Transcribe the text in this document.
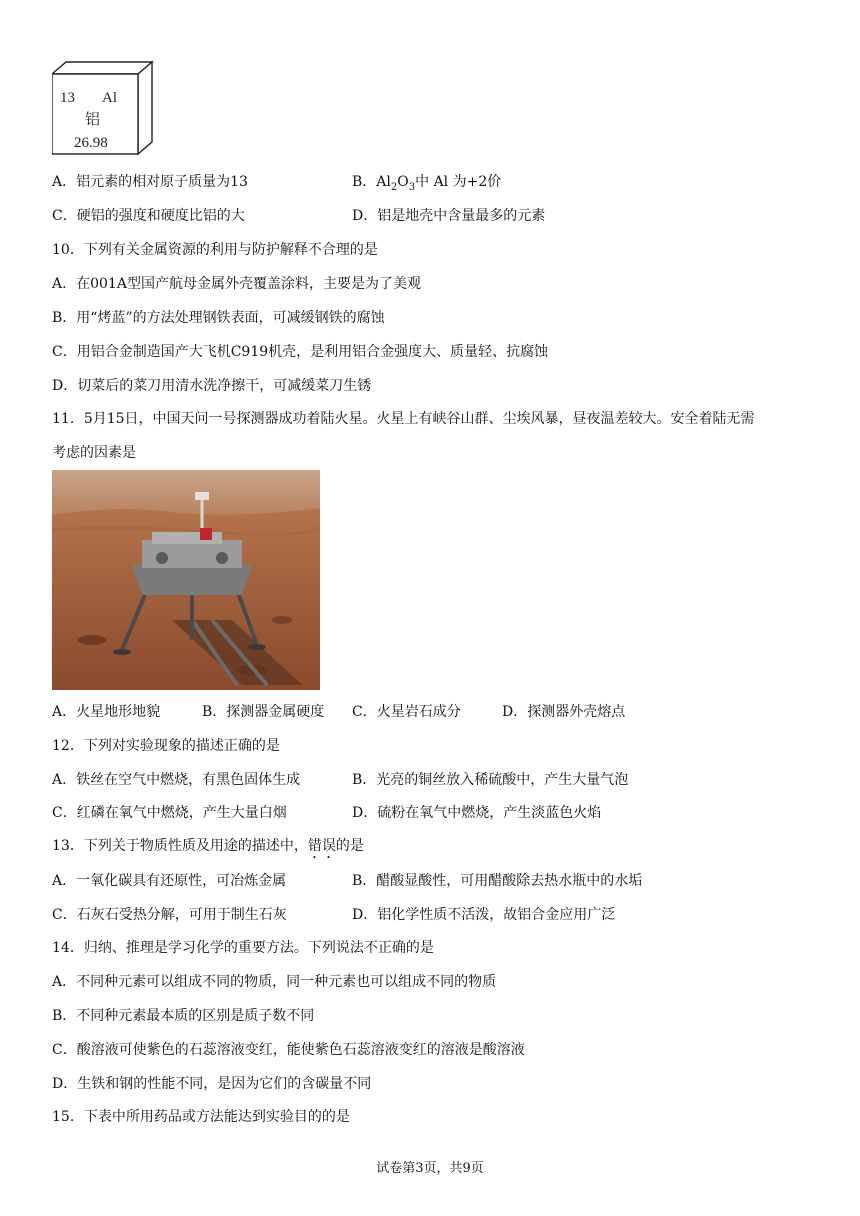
13 Al
铝
26.98
A．铝元素的相对原子质量为13	B．$Al_2O_3$中 Al 为+2价
C．硬铝的强度和硬度比铝的大	D．铝是地壳中含量最多的元素
10．下列有关金属资源的利用与防护解释不合理的是
A．在001A型国产航母金属外壳覆盖涂料，主要是为了美观
B．用“烤蓝”的方法处理钢铁表面，可减缓钢铁的腐蚀
C．用铝合金制造国产大飞机C919机壳，是利用铝合金强度大、质量轻、抗腐蚀
D．切菜后的菜刀用清水洗净擦干，可减缓菜刀生锈
11．5月15日，中国天问一号探测器成功着陆火星。火星上有峡谷山群、尘埃风暴，昼夜温差较大。安全着陆无需
考虑的因素是
A．火星地形地貌	B．探测器金属硬度 C．火星岩石成分	D．探测器外壳熔点
12．下列对实验现象的描述正确的是
A．铁丝在空气中燃烧，有黑色固体生成	B．光亮的铜丝放入稀硫酸中，产生大量气泡
C．红磷在氧气中燃烧，产生大量白烟	D．硫粉在氧气中燃烧，产生淡蓝色火焰
13．下列关于物质性质及用途的描述中，错误的是
A．一氧化碳具有还原性，可冶炼金属	B．醋酸显酸性，可用醋酸除去热水瓶中的水垢
C．石灰石受热分解，可用于制生石灰	D．铝化学性质不活泼，故铝合金应用广泛
14．归纳、推理是学习化学的重要方法。下列说法不正确的是
A．不同种元素可以组成不同的物质，同一种元素也可以组成不同的物质
B．不同种元素最本质的区别是质子数不同
C．酸溶液可使紫色的石蕊溶液变红，能使紫色石蕊溶液变红的溶液是酸溶液
D．生铁和钢的性能不同，是因为它们的含碳量不同
15．下表中所用药品或方法能达到实验目的的是
试卷第3页，共9页
